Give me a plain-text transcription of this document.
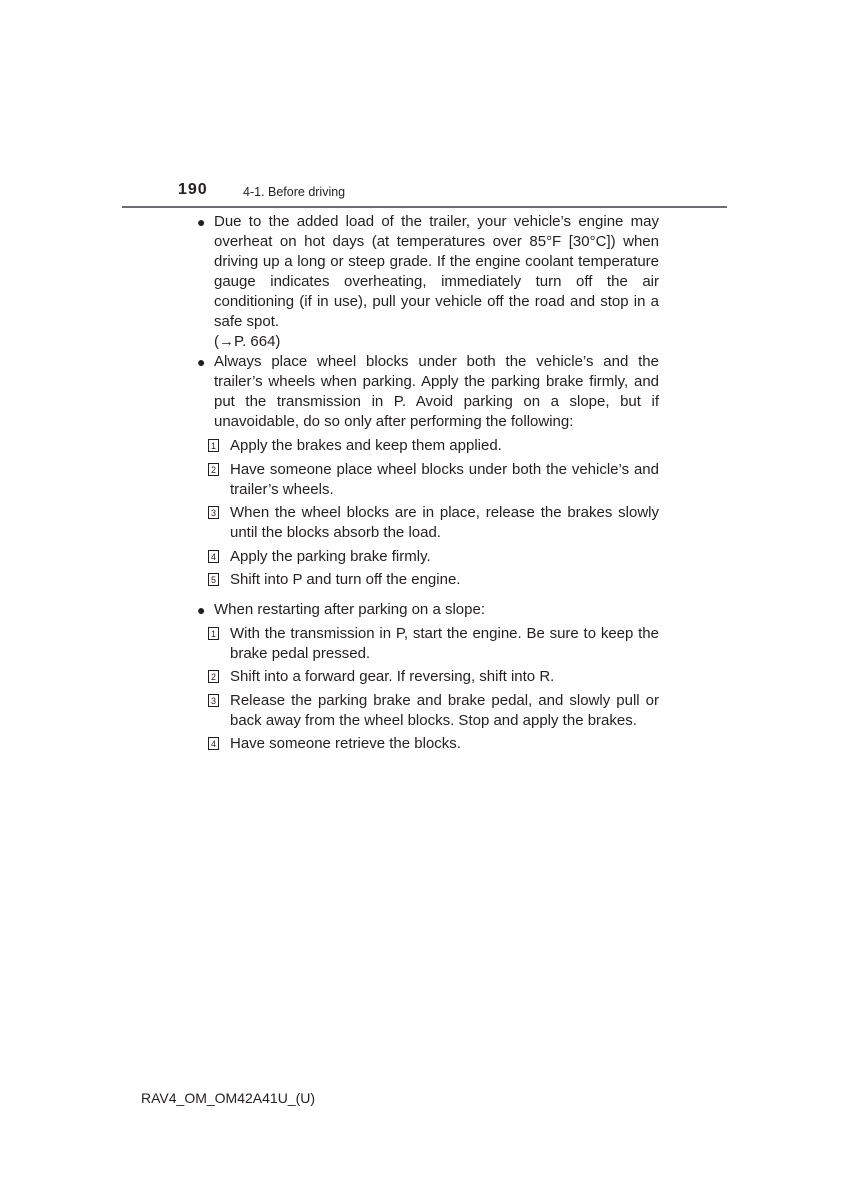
190	4-1. Before driving
● Due to the added load of the trailer, your vehicle’s engine may overheat on hot days (at temperatures over 85°F [30°C]) when driving up a long or steep grade. If the engine coolant temperature gauge indicates overheating, immediately turn off the air conditioning (if in use), pull your vehicle off the road and stop in a safe spot.
(→P. 664)
● Always place wheel blocks under both the vehicle’s and the trailer’s wheels when parking. Apply the parking brake firmly, and put the transmission in P. Avoid parking on a slope, but if unavoidable, do so only after performing the following:
1 Apply the brakes and keep them applied.
2 Have someone place wheel blocks under both the vehicle’s and trailer’s wheels.
3 When the wheel blocks are in place, release the brakes slowly until the blocks absorb the load.
4 Apply the parking brake firmly.
5 Shift into P and turn off the engine.
● When restarting after parking on a slope:
1 With the transmission in P, start the engine. Be sure to keep the brake pedal pressed.
2 Shift into a forward gear. If reversing, shift into R.
3 Release the parking brake and brake pedal, and slowly pull or back away from the wheel blocks. Stop and apply the brakes.
4 Have someone retrieve the blocks.
RAV4_OM_OM42A41U_(U)
